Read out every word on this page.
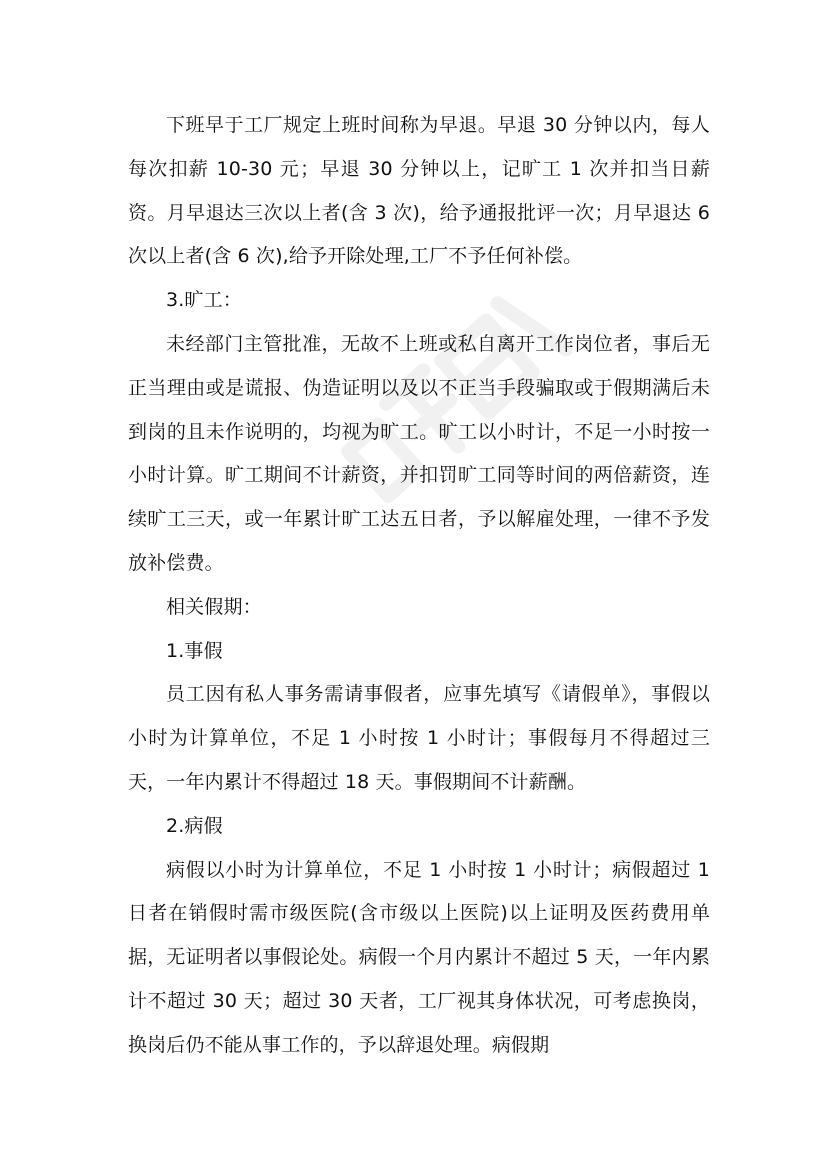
下班早于工厂规定上班时间称为早退。早退 30 分钟以内，每人每次扣薪 10-30 元；早退 30 分钟以上，记旷工 1 次并扣当日薪资。月早退达三次以上者(含 3 次)，给予通报批评一次；月早退达 6 次以上者(含 6 次),给予开除处理,工厂不予任何补偿。

3.旷工：

未经部门主管批准，无故不上班或私自离开工作岗位者，事后无正当理由或是谎报、伪造证明以及以不正当手段骗取或于假期满后未到岗的且未作说明的，均视为旷工。旷工以小时计，不足一小时按一小时计算。旷工期间不计薪资，并扣罚旷工同等时间的两倍薪资，连续旷工三天，或一年累计旷工达五日者，予以解雇处理，一律不予发放补偿费。

相关假期：

1.事假

员工因有私人事务需请事假者，应事先填写《请假单》，事假以小时为计算单位，不足 1 小时按 1 小时计；事假每月不得超过三天，一年内累计不得超过 18 天。事假期间不计薪酬。

2.病假

病假以小时为计算单位，不足 1 小时按 1 小时计；病假超过 1 日者在销假时需市级医院(含市级以上医院)以上证明及医药费用单据，无证明者以事假论处。病假一个月内累计不超过 5 天，一年内累计不超过 30 天；超过 30 天者，工厂视其身体状况，可考虑换岗，换岗后仍不能从事工作的，予以辞退处理。病假期
